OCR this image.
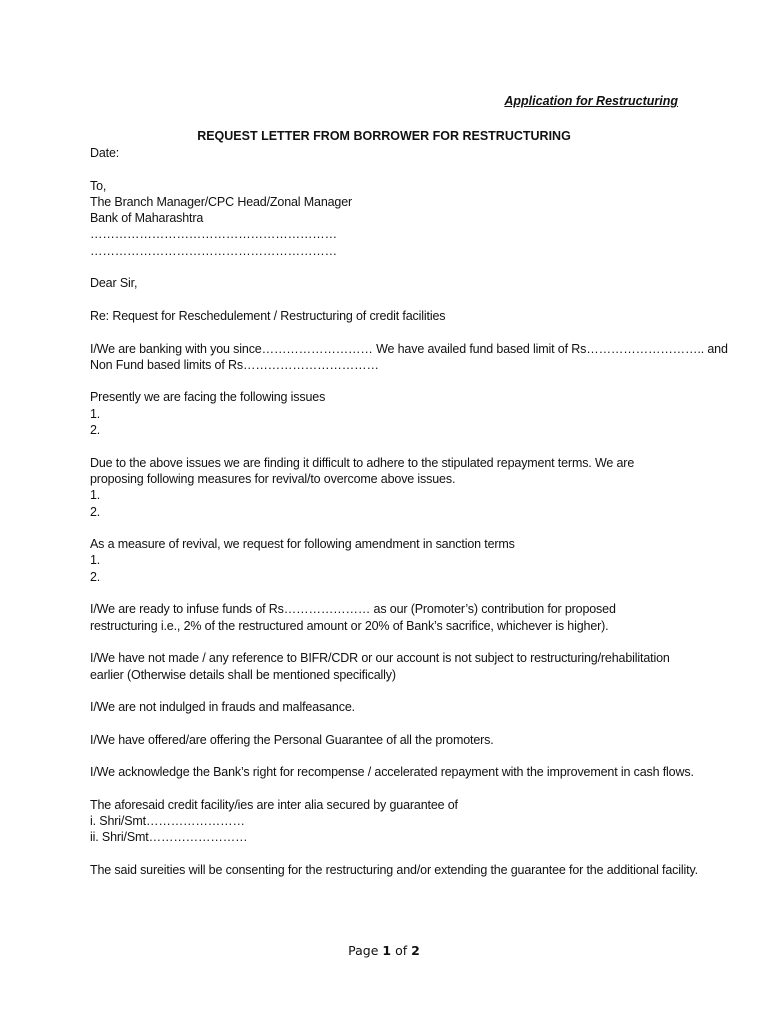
Application for Restructuring
REQUEST LETTER FROM BORROWER FOR RESTRUCTURING
Date:
To,
The Branch Manager/CPC Head/Zonal Manager
Bank of Maharashtra
……………………………………………………
……………………………………………………
Dear Sir,
Re: Request for Reschedulement / Restructuring of credit facilities
I/We are banking with you since……………………… We have availed fund based limit of Rs……………………….. and
Non Fund based limits of Rs……………………………
Presently we are facing the following issues
1.
2.
Due to the above issues we are finding it difficult to adhere to the stipulated repayment terms. We are proposing following measures for revival/to overcome above issues.
1.
2.
As a measure of revival, we request for following amendment in sanction terms
1.
2.
I/We are ready to infuse funds of Rs………………… as our (Promoter’s) contribution for proposed restructuring i.e., 2% of the restructured amount or 20% of Bank’s sacrifice, whichever is higher).
I/We have not made / any reference to BIFR/CDR or our account is not subject to restructuring/rehabilitation earlier (Otherwise details shall be mentioned specifically)
I/We are not indulged in frauds and malfeasance.
I/We have offered/are offering the Personal Guarantee of all the promoters.
I/We acknowledge the Bank’s right for recompense / accelerated repayment with the improvement in cash flows.
The aforesaid credit facility/ies are inter alia secured by guarantee of
i. Shri/Smt……………………
ii. Shri/Smt……………………
The said sureities will be consenting for the restructuring and/or extending the guarantee for the additional facility.
Page 1 of 2
